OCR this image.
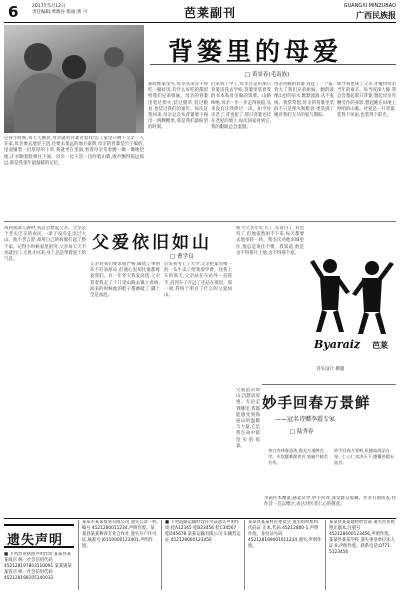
6	2017年5月12日
责任编辑:黄源谷 版面:黄 可	芭莱副刊	GUANGXI MINZUBAO
广西民族报
背篓里的母爱
□ 黄景春(毛南族)
记得小时候,每天天刚亮,母亲就用背篓背着我出门,家里只剩下父亲一人在家,母亲要去地里干活,还要去很远的地方砍柴,母亲的背篓是竹子编的,里面铺着一层厚厚的干草,我就坐在里面,看着母亲弯着腰一锄一锄地挖地,汗水顺着脸颊往下淌。母亲一边干活一边哼着山歌,歌声飘得很远很远,那是我童年最温暖的记忆。
那时候家里穷,母亲从来舍不得吃一顿好饭,有什么好吃的都留给我们兄弟姐妹。母亲的背篓里装过柴火,装过猪草,装过粮食,也装过我们的童年。每次赶集回来,母亲总会从背篓底下掏出一两颗糖果,那是我们最盼望的时刻。
后来我上学了,母亲还是用那只背篓送我去学校,背篓里装着我的书本和母亲做的饭菜。山路崎岖,母亲一步一步走得很稳,从来没有让我摔过一次。如今母亲老了,背也驼了,那只背篓还挂在老屋的墙上,每次回家看到它,我的眼眶总会湿润。
母亲用她的背篓,背起了一个家,背大了我们兄弟姐妹。她的爱像山里的泉水,默默流淌,从不张扬。我常常想,母亲的背篓里装的不只是柴火和粮食,更装满了她对我们无尽的爱与期盼。
如今我也成了父亲,才懂得母亲当年的艰辛。每当夜深人静,我总会想起那只背篓,想起母亲弯腰劳作的身影,想起她在田埂上哼唱的山歌。母爱是一只背篓,装得下风雨,也装得下阳光。
父爱依旧如山
□ 曹学良
每到夜深人静时,我总会想起父亲。父亲是个老实巴交的农民,一辈子没有走出过大山。他不善言辞,却用自己的肩膀扛起了整个家。记得小时候家里很穷,父亲每天天不亮就出门,天黑才回来,身上总是带着泥土的气息。
父亲对我们要求很严格,做错了事情从不轻易原谅,但他心里却比谁都疼爱我们。有一年冬天我发高烧,父亲背着我走了十几里山路去镇上看病,回来的时候他的鞋子都磨破了,脚上全是血泡。
后来我考上了大学,父亲把家里唯一的一头牛卖了给我凑学费。送我上车的那天,父亲站在车站外一直挥手,直到车子开远了还站在那里。那一刻,我终于明白了什么叫父爱如山。
如今父亲年纪大了,头发白了,背也弯了,但他依然闲不下来,每天都要去地里转一转。我多次劝他来城里住,他总是说住不惯。我知道,他是舍不得那片土地,舍不得那个家。
父爱依旧如山,沉默而厚重。无论走到哪里,我都能感受到那座山的温暖与力量,它是我生命中最坚实的依靠。
Byaraiz 芭莱
刊头设计 柳蕙
妙手回春万景鲜
——冠名诗赠李霞专家
□ 陆秀春
李白杏林春意浓,霞光万道映苍穹。专攻疑难除疾苦,家喻户晓美名传。
妙手回春万景鲜,医德高尚品自坚。仁心仁术济天下,德馨业精永流芳。
李霞医术精湛,悬壶济世,妙手回春,深受群众爱戴。作者有感而发,特作诗一首以赠之,表达对医者仁心的敬意。
遗失声明
■ 下列营业执照声明作废:某某县某某商店 统一社会信用代码 452128197803110091 某某镇某某饭店 统一社会信用代码 452128198205140032
某某市某某贸易有限公司 遗失公章一枚,编号 4521280011234,声明作废。某某县某某种养专业合作社 遗失开户许可证,核准号 J6110000123401,声明作废。
■ 下列道路运输经营许可证遗失声明作废:桂A12345 桂B23456 桂C34567 桂D45678 某某运输有限公司 车辆营运证 452128000123456
某某县某某村民委员会 遗失组织机构代码证 正本,代码 45212800-1,声明作废。身份证号码 452128199001011234 遗失,声明作废。
某某县某某建材经营部 遗失营业执照正副本,注册号 452128600123456,声明作废。某某县某某学校 遗失事业单位法人证书,声明作废。联系电话:0771-5123456
